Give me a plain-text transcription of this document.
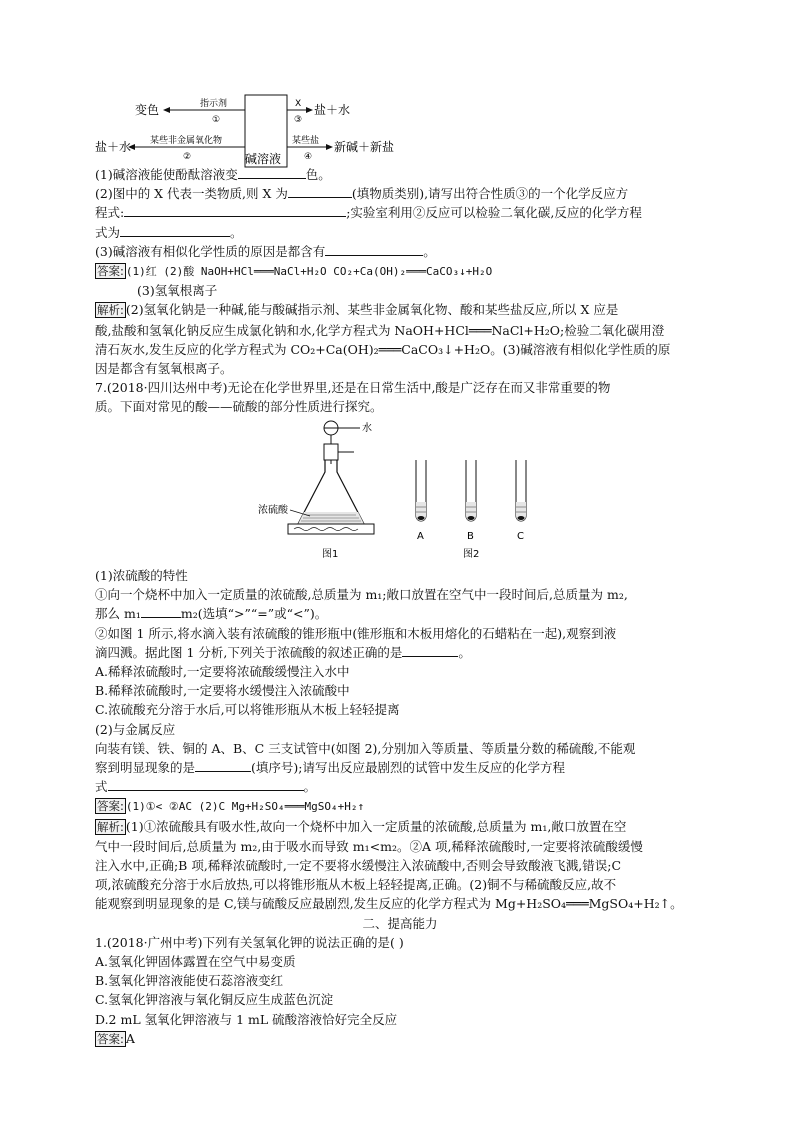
碱溶液
变色	指示剂
①
盐＋水 某些非金属氧化物
②
盐＋水
X
③
新碱＋新盐
某些盐
④
(1)碱溶液能使酚酞溶液变	色。
(2)图中的 X 代表一类物质,则 X 为	(填物质类别),请写出符合性质③的一个化学反应方
程式:	;实验室利用②反应可以检验二氧化碳,反应的化学方程
式为	。
(3)碱溶液有相似化学性质的原因是都含有	。
答案: (1)红 (2)酸 NaOH+HCl═══NaCl+H₂O CO₂+Ca(OH)₂═══CaCO₃↓+H₂O
(3)氢氧根离子
解析: (2)氢氧化钠是一种碱,能与酸碱指示剂、某些非金属氧化物、酸和某些盐反应,所以 X 应是
酸,盐酸和氢氧化钠反应生成氯化钠和水,化学方程式为 NaOH+HCl═══NaCl+H₂O;检验二氧化碳用澄
清石灰水,发生反应的化学方程式为 CO₂+Ca(OH)₂═══CaCO₃↓+H₂O。(3)碱溶液有相似化学性质的原
因是都含有氢氧根离子。
7.(2018·四川达州中考)无论在化学世界里,还是在日常生活中,酸是广泛存在而又非常重要的物
质。下面对常见的酸——硫酸的部分性质进行探究。
水
浓硫酸
图1
A	B	C
图2
(1)浓硫酸的特性
①向一个烧杯中加入一定质量的浓硫酸,总质量为 m₁;敞口放置在空气中一段时间后,总质量为 m₂,
那么 m₁	m₂(选填“>”“=”或“<”)。
②如图 1 所示,将水滴入装有浓硫酸的锥形瓶中(锥形瓶和木板用熔化的石蜡粘在一起),观察到液
滴四溅。据此图 1 分析,下列关于浓硫酸的叙述正确的是	。
A.稀释浓硫酸时,一定要将浓硫酸缓慢注入水中
B.稀释浓硫酸时,一定要将水缓慢注入浓硫酸中
C.浓硫酸充分溶于水后,可以将锥形瓶从木板上轻轻提离
(2)与金属反应
向装有镁、铁、铜的 A、B、C 三支试管中(如图 2),分别加入等质量、等质量分数的稀硫酸,不能观
察到明显现象的是	(填序号);请写出反应最剧烈的试管中发生反应的化学方程
式	。
答案: (1)①< ②AC (2)C Mg+H₂SO₄═══MgSO₄+H₂↑
解析: (1)①浓硫酸具有吸水性,故向一个烧杯中加入一定质量的浓硫酸,总质量为 m₁,敞口放置在空
气中一段时间后,总质量为 m₂,由于吸水而导致 m₁<m₂。②A 项,稀释浓硫酸时,一定要将浓硫酸缓慢
注入水中,正确;B 项,稀释浓硫酸时,一定不要将水缓慢注入浓硫酸中,否则会导致酸液飞溅,错误;C
项,浓硫酸充分溶于水后放热,可以将锥形瓶从木板上轻轻提离,正确。(2)铜不与稀硫酸反应,故不
能观察到明显现象的是 C,镁与硫酸反应最剧烈,发生反应的化学方程式为 Mg+H₂SO₄═══MgSO₄+H₂↑。
二、提高能力
1.(2018·广州中考)下列有关氢氧化钾的说法正确的是( )
A.氢氧化钾固体露置在空气中易变质
B.氢氧化钾溶液能使石蕊溶液变红
C.氢氧化钾溶液与氧化铜反应生成蓝色沉淀
D.2 mL 氢氧化钾溶液与 1 mL 硫酸溶液恰好完全反应
答案: A
